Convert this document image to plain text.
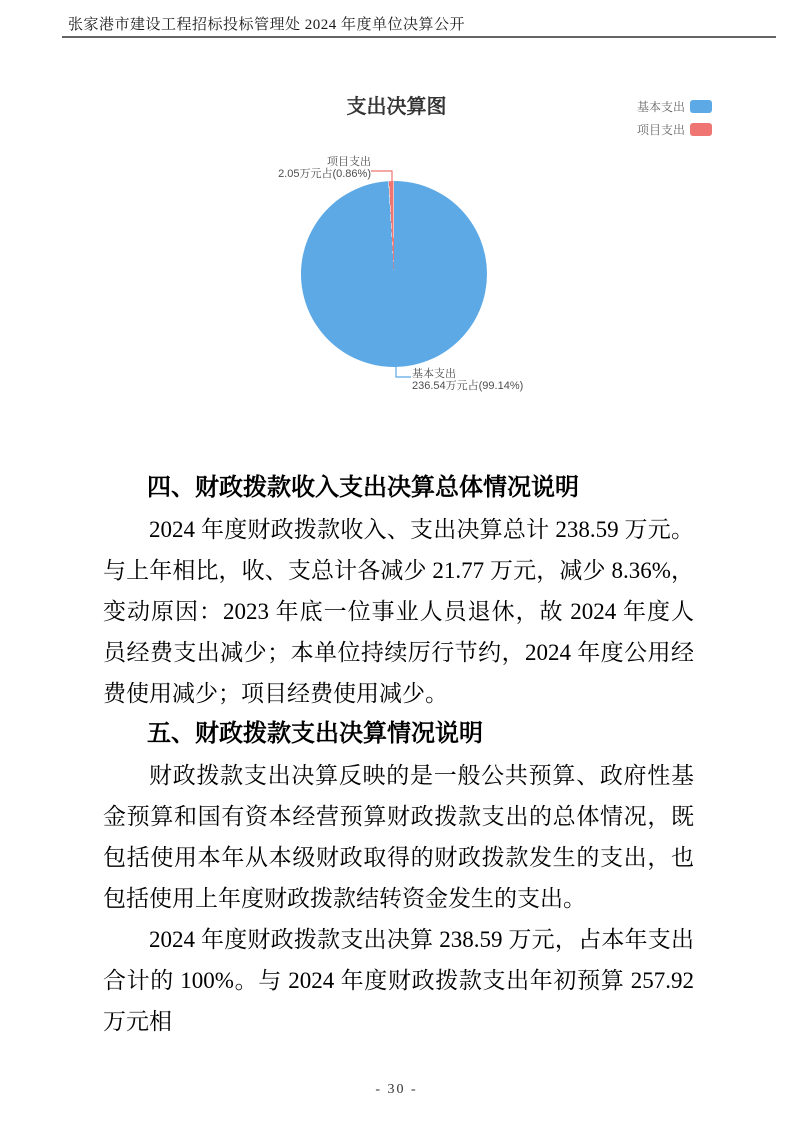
张家港市建设工程招标投标管理处 2024 年度单位决算公开
支出决算图	基本支出
项目支出
项目支出
2.05万元占(0.86%)
基本支出
236.54万元占(99.14%)
四、财政拨款收入支出决算总体情况说明

2024 年度财政拨款收入、支出决算总计 238.59 万元。与上年相比，收、支总计各减少 21.77 万元，减少 8.36%，变动原因：2023 年底一位事业人员退休，故 2024 年度人员经费支出减少；本单位持续厉行节约，2024 年度公用经费使用减少；项目经费使用减少。

五、财政拨款支出决算情况说明

财政拨款支出决算反映的是一般公共预算、政府性基金预算和国有资本经营预算财政拨款支出的总体情况，既包括使用本年从本级财政取得的财政拨款发生的支出，也包括使用上年度财政拨款结转资金发生的支出。

2024 年度财政拨款支出决算 238.59 万元，占本年支出合计的 100%。与 2024 年度财政拨款支出年初预算 257.92 万元相

- 30 -
